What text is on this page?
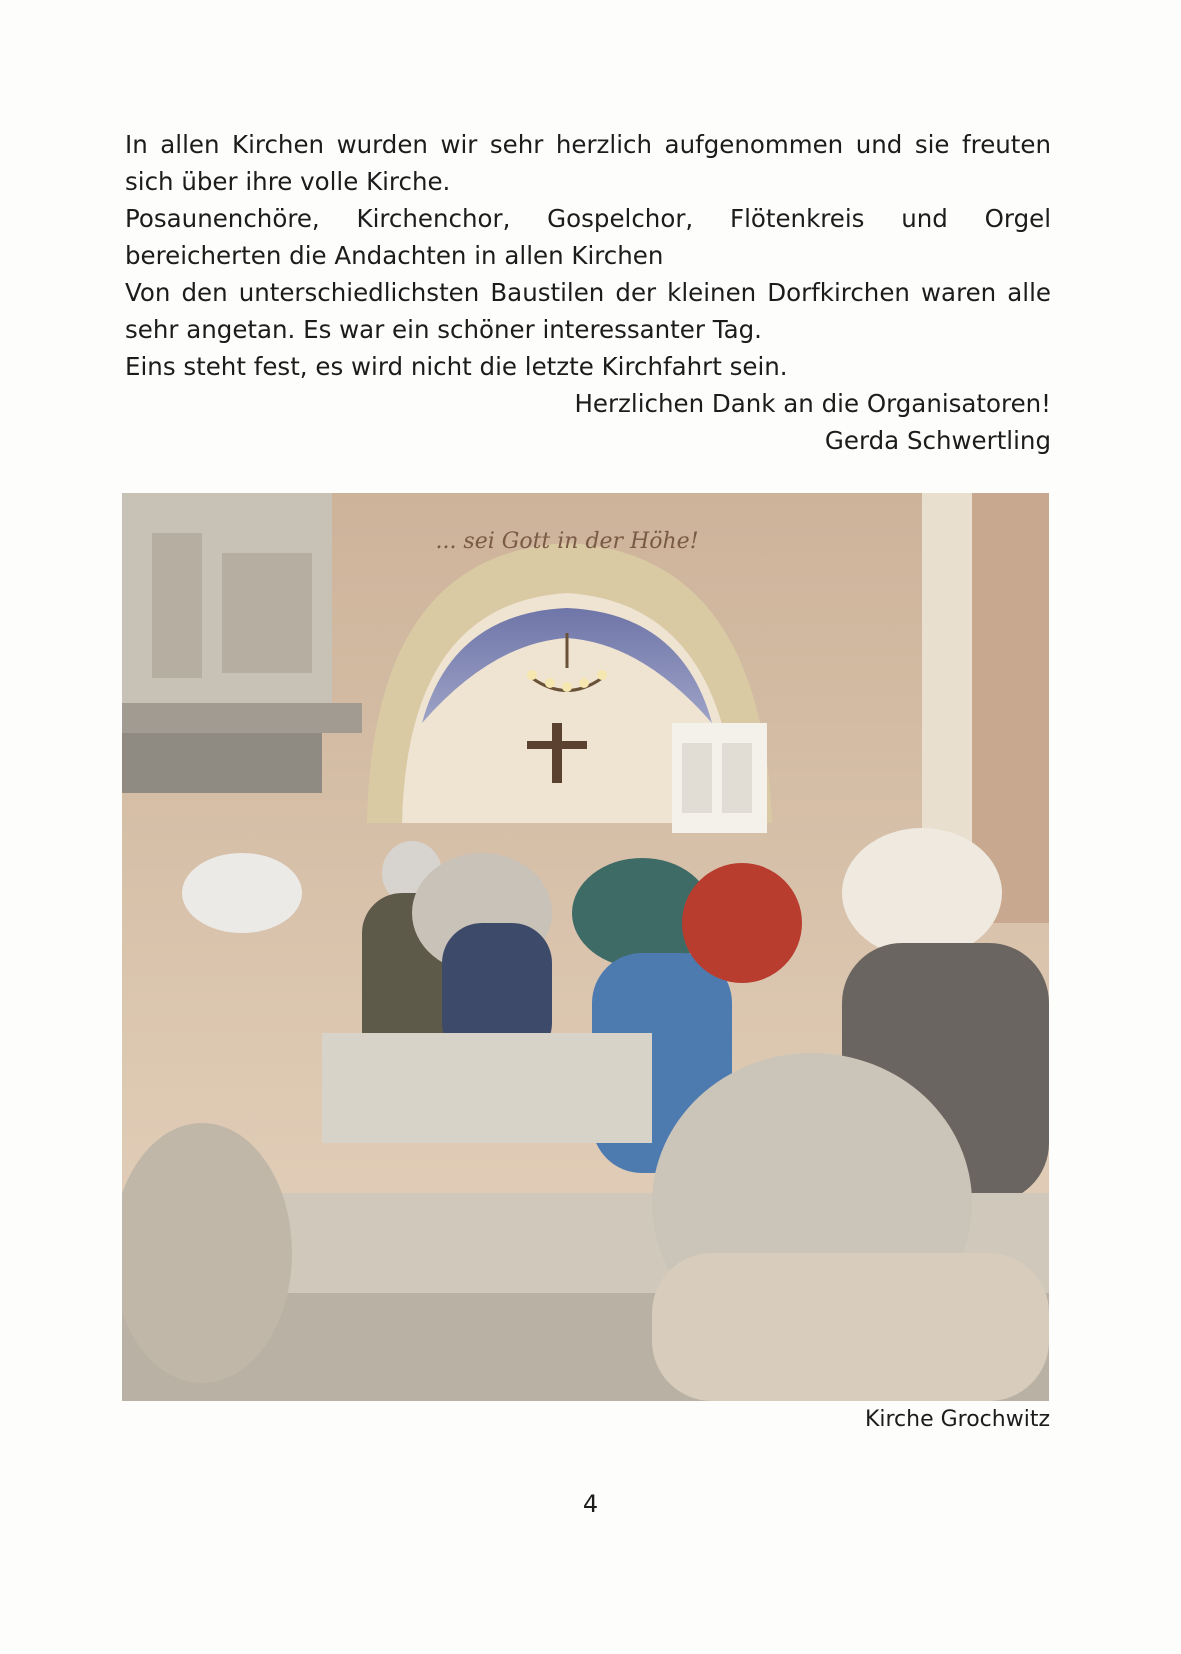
In allen Kirchen wurden wir sehr herzlich aufgenommen und sie freuten sich über ihre volle Kirche.

Posaunenchöre, Kirchenchor, Gospelchor, Flötenkreis und Orgel bereicherten die Andachten in allen Kirchen

Von den unterschiedlichsten Baustilen der kleinen Dorfkirchen waren alle sehr angetan. Es war ein schöner interessanter Tag.

Eins steht fest, es wird nicht die letzte Kirchfahrt sein.

Herzlichen Dank an die Organisatoren!

Gerda Schwertling

... sei Gott in der Höhe!
Kirche Grochwitz
4
